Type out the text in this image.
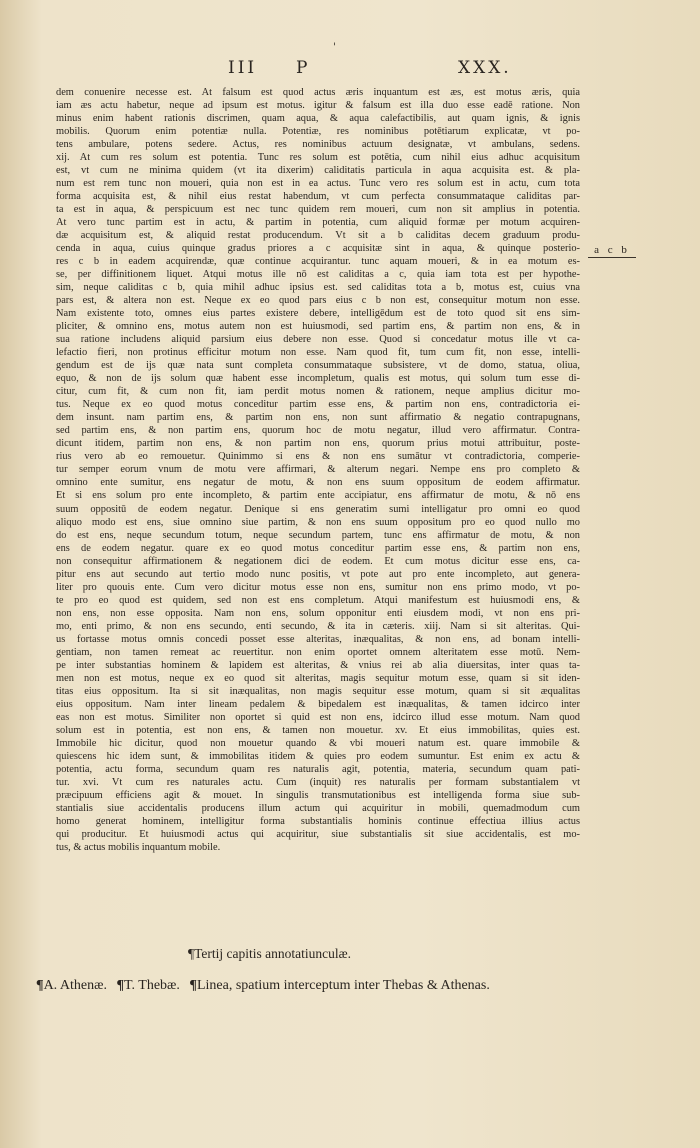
'
III P	XXX.
dem conuenire necesse est. At falsum est quod actus æris inquantum est æs, est motus æris, quia
iam æs actu habetur, neque ad ipsum est motus. igitur & falsum est illa duo esse eadē ratione. Non
minus enim habent rationis discrimen, quam aqua, & aqua calefactibilis, aut quam ignis, & ignis
mobilis. Quorum enim potentiæ nulla. Potentiæ, res nominibus potētiarum explicatæ, vt po-
tens ambulare, potens sedere. Actus, res nominibus actuum designatæ, vt ambulans, sedens.
xij. At cum res solum est potentia. Tunc res solum est potētia, cum nihil eius adhuc acquisitum
est, vt cum ne minima quidem (vt ita dixerim) caliditatis particula in aqua acquisita est. & pla-
num est rem tunc non moueri, quia non est in ea actus. Tunc vero res solum est in actu, cum tota
forma acquisita est, & nihil eius restat habendum, vt cum perfecta consummataque caliditas par-
ta est in aqua, & perspicuum est nec tunc quidem rem moueri, cum non sit amplius in potentia.
At vero tunc partim est in actu, & partim in potentia, cum aliquid formæ per motum acquiren-
dæ acquisitum est, & aliquid restat producendum. Vt sit a b caliditas decem graduum produ-
cenda in aqua, cuius quinque gradus priores a c acquisitæ sint in aqua, & quinque posterio-
res c b in eadem acquirendæ, quæ continue acquirantur. tunc aquam moueri, & in ea motum es-
se, per diffinitionem liquet. Atqui motus ille nō est caliditas a c, quia iam tota est per hypothe-
sim, neque caliditas c b, quia mihil adhuc ipsius est. sed caliditas tota a b, motus est, cuius vna
pars est, & altera non est. Neque ex eo quod pars eius c b non est, consequitur motum non esse.
Nam existente toto, omnes eius partes existere debere, intelligēdum est de toto quod sit ens sim-
pliciter, & omnino ens, motus autem non est huiusmodi, sed partim ens, & partim non ens, & in
sua ratione includens aliquid parsium eius debere non esse. Quod si concedatur motus ille vt ca-
lefactio fieri, non protinus efficitur motum non esse. Nam quod fit, tum cum fit, non esse, intelli-
gendum est de ijs quæ nata sunt completa consummataque subsistere, vt de domo, statua, oliua,
equo, & non de ijs solum quæ habent esse incompletum, qualis est motus, qui solum tum esse di-
citur, cum fit, & cum non fit, iam perdit motus nomen & rationem, neque amplius dicitur mo-
tus. Neque ex eo quod motus conceditur partim esse ens, & partim non ens, contradictoria ei-
dem insunt. nam partim ens, & partim non ens, non sunt affirmatio & negatio contrapugnans,
sed partim ens, & non partim ens, quorum hoc de motu negatur, illud vero affirmatur. Contra-
dicunt itidem, partim non ens, & non partim non ens, quorum prius motui attribuitur, poste-
rius vero ab eo remouetur. Quinimmo si ens & non ens sumātur vt contradictoria, comperie-
tur semper eorum vnum de motu vere affirmari, & alterum negari. Nempe ens pro completo &
omnino ente sumitur, ens negatur de motu, & non ens suum oppositum de eodem affirmatur.
Et si ens solum pro ente incompleto, & partim ente accipiatur, ens affirmatur de motu, & nō ens
suum oppositū de eodem negatur. Denique si ens generatim sumi intelligatur pro omni eo quod
aliquo modo est ens, siue omnino siue partim, & non ens suum oppositum pro eo quod nullo mo
do est ens, neque secundum totum, neque secundum partem, tunc ens affirmatur de motu, & non
ens de eodem negatur. quare ex eo quod motus conceditur partim esse ens, & partim non ens,
non consequitur affirmationem & negationem dici de eodem. Et cum motus dicitur esse ens, ca-
pitur ens aut secundo aut tertio modo nunc positis, vt pote aut pro ente incompleto, aut genera-
liter pro quouis ente. Cum vero dicitur motus esse non ens, sumitur non ens primo modo, vt po-
te pro eo quod est quidem, sed non est ens completum. Atqui manifestum est huiusmodi ens, &
non ens, non esse opposita. Nam non ens, solum opponitur enti eiusdem modi, vt non ens pri-
mo, enti primo, & non ens secundo, enti secundo, & ita in cæteris. xiij. Nam si sit alteritas. Qui-
us fortasse motus omnis concedi posset esse alteritas, inæqualitas, & non ens, ad bonam intelli-
gentiam, non tamen remeat ac reuertitur. non enim oportet omnem alteritatem esse motū. Nem-
pe inter substantias hominem & lapidem est alteritas, & vnius rei ab alia diuersitas, inter quas ta-
men non est motus, neque ex eo quod sit alteritas, magis sequitur motum esse, quam si sit iden-
titas eius oppositum. Ita si sit inæqualitas, non magis sequitur esse motum, quam si sit æqualitas
eius oppositum. Nam inter lineam pedalem & bipedalem est inæqualitas, & tamen idcirco inter
eas non est motus. Similiter non oportet si quid est non ens, idcirco illud esse motum. Nam quod
solum est in potentia, est non ens, & tamen non mouetur. xv. Et eius immobilitas, quies est.
Immobile hic dicitur, quod non mouetur quando & vbi moueri natum est. quare immobile &
quiescens hic idem sunt, & immobilitas itidem & quies pro eodem sumuntur. Est enim ex actu &
potentia, actu forma, secundum quam res naturalis agit, potentia, materia, secundum quam pati-
tur. xvi. Vt cum res naturales actu. Cum (inquit) res naturalis per formam substantialem vt
præcipuum efficiens agit & mouet. In singulis transmutationibus est intelligenda forma siue sub-
stantialis siue accidentalis producens illum actum qui acquiritur in mobili, quemadmodum cum
homo generat hominem, intelligitur forma substantialis hominis continue effectiua illius actus
qui producitur. Et huiusmodi actus qui acquiritur, siue substantialis sit siue accidentalis, est mo-
tus, & actus mobilis inquantum mobile.
a c b
¶Tertij capitis annotatiunculæ.
¶A. Athenæ. ¶T. Thebæ. ¶Linea, spatium interceptum inter Thebas & Athenas.
